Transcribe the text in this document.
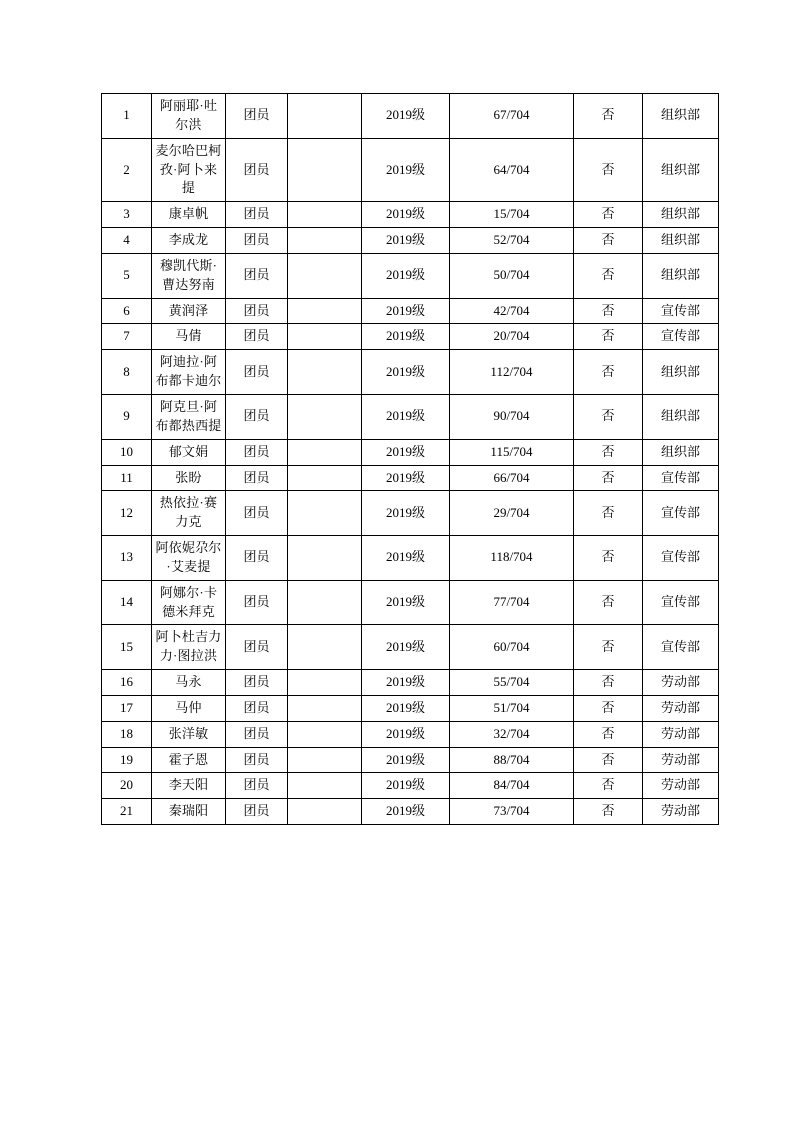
1	阿丽耶·吐尔洪	团员		2019级	67/704	否	组织部
2	麦尔哈巴柯孜·阿卜来提	团员		2019级	64/704	否	组织部
3	康卓帆	团员		2019级	15/704	否	组织部
4	李成龙	团员		2019级	52/704	否	组织部
5	穆凯代斯·曹达努南	团员		2019级	50/704	否	组织部
6	黄润泽	团员		2019级	42/704	否	宣传部
7	马倩	团员		2019级	20/704	否	宣传部
8	阿迪拉·阿布都卡迪尔	团员		2019级	112/704	否	组织部
9	阿克旦·阿布都热西提	团员		2019级	90/704	否	组织部
10	郁文娟	团员		2019级	115/704	否	组织部
11	张盼	团员		2019级	66/704	否	宣传部
12	热依拉·赛力克	团员		2019级	29/704	否	宣传部
13	阿依妮尕尔·艾麦提	团员		2019级	118/704	否	宣传部
14	阿娜尔·卡德米拜克	团员		2019级	77/704	否	宣传部
15	阿卜杜吉力力·图拉洪	团员		2019级	60/704	否	宣传部
16	马永	团员		2019级	55/704	否	劳动部
17	马仲	团员		2019级	51/704	否	劳动部
18	张洋敏	团员		2019级	32/704	否	劳动部
19	霍子恩	团员		2019级	88/704	否	劳动部
20	李天阳	团员		2019级	84/704	否	劳动部
21	秦瑞阳	团员		2019级	73/704	否	劳动部
